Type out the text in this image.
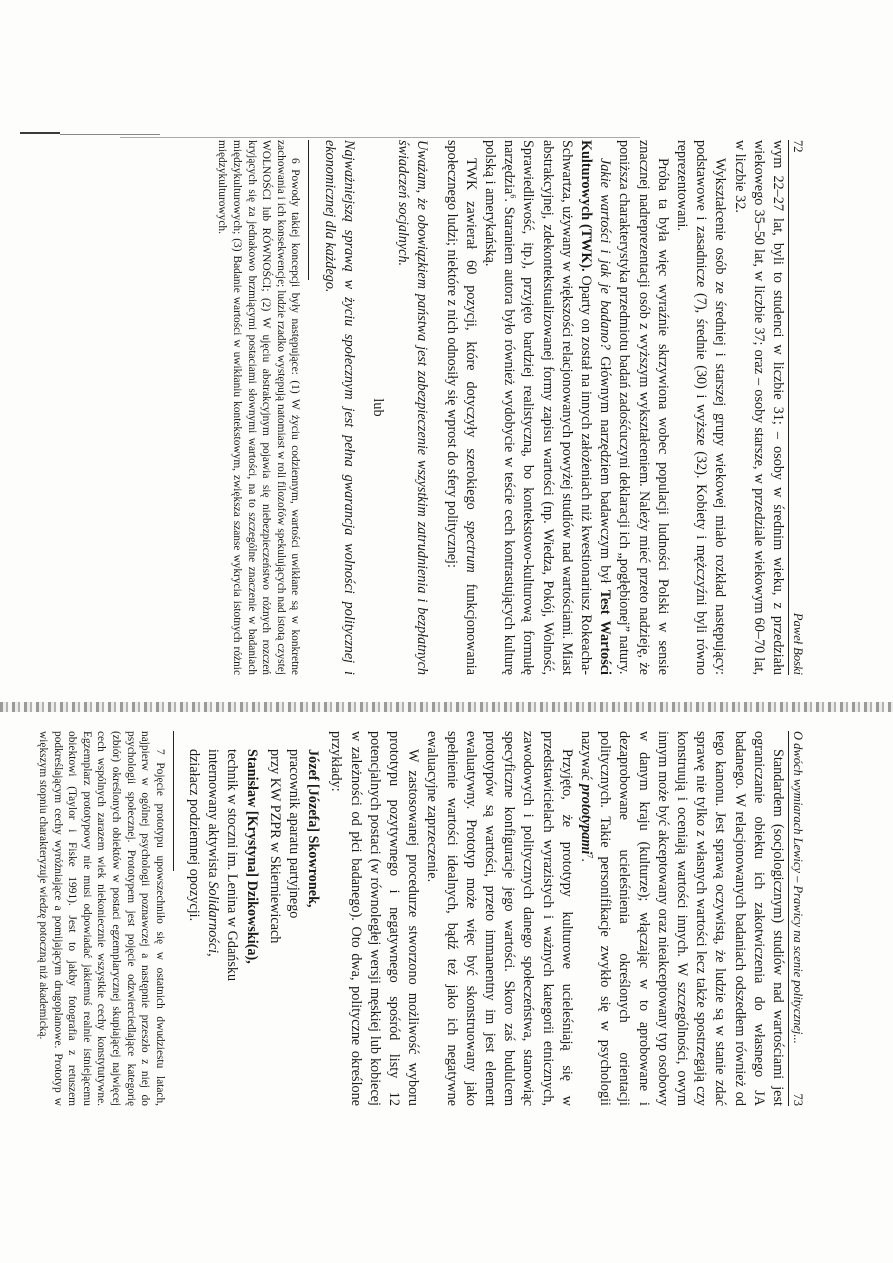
72
Paweł Boski

wym 22–27 lat, byli to studenci w liczbie 31; – osoby w średnim wieku, z przedziału wiekowego 35–50 lat, w liczbie 37; oraz – osoby starsze, w przedziale wiekowym 60–70 lat, w liczbie 32.

Wykształcenie osób ze średniej i starszej grupy wiekowej miało rozkład następujący: podstawowe i zasadnicze (7), średnie (30) i wyższe (32). Kobiety i mężczyźni byli równo reprezentowani.

Próba ta była więc wyraźnie skrzywiona wobec populacji ludności Polski w sensie znacznej nadreprezentacji osób z wyższym wykształceniem. Należy mieć przeto nadzieję, że poniższa charakterystyka przedmiotu badań zadośćuczyni deklaracji ich „pogłębionej” natury.

Jakie wartości i jak je badano? Głównym narzędziem badawczym był Test Wartości Kulturowych (TWK). Oparty on został na innych założeniach niż kwestionariusz Rokeacha-Schwartza, używany w większości relacjonowanych powyżej studiów nad wartościami. Miast abstrakcyjnej, zdekontekstualizowanej formy zapisu wartości (np. Wiedza, Pokój, Wolność, Sprawiedliwość, itp.), przyjęto bardziej realistyczną, bo kontekstowo-kulturową formułę narzędzia$^6$. Staraniem autora było również wydobycie w teście cech kontrastujących kulturę polską i amerykańską.

TWK zawierał 60 pozycji, które dotyczyły szerokiego spectrum funkcjonowania społecznego ludzi; niektóre z nich odnosiły się wprost do sfery politycznej:

Uważam, że obowiązkiem państwa jest zabezpieczenie wszystkim zatrudnienia i bezpłatnych świadczeń socjalnych.

lub

Najważniejszą sprawą w życiu społecznym jest pełna gwarancja wolności politycznej i ekonomicznej dla każdego.

6 Powody takiej koncepcji były następujące: (1) W życiu codziennym, wartości uwikłane są w konkretne zachowania i ich konsekwencje; ludzie rzadko występują natomiast w roli filozofów spekulujących nad istotą czystej WOLNOŚCI lub RÓWNOŚCI; (2) W ujęciu abstrakcyjnym pojawia się niebezpieczeństwo różnych rozczeń kryjących się za jednakowo brzmiącymi postaciami słownymi wartości, na to szczególne znaczenie w badaniach międzykulturowych; (3) Badanie wartości w uwikłaniu kontekstowym, zwiększa szanse wykrycia istotnych różnic międzykulturowych.

O dwóch wymiarach Lewicy – Prawicy na scenie politycznej...
73

Standardem (socjologicznym) studiów nad wartościami jest ograniczanie obiektu ich zakotwiczenia do własnego JA badanego. W relacjonowanych badaniach odszedłem również od tego kanonu. Jest sprawą oczywistą, że ludzie są w stanie zdać sprawę nie tylko z własnych wartości lecz także spostrzegają czy konstruują i oceniają wartości innych. W szczególności, owym innym może być akceptowany oraz nieakceptowany typ osobowy w danym kraju (kulturze); włączając w to aprobowane i dezaprobowane ucieleśnienia określonych orientacji politycznych. Takie personifikacje zwykło się w psychologii nazywać prototypami$^7$.

Przyjęto, że prototypy kulturowe ucieleśniają się w przedstawicielach wyrazistych i ważnych kategorii etnicznych, zawodowych i politycznych danego społeczeństwa, stanowiąc specyficzne konfiguracje jego wartości. Skoro zaś budulcem prototypów są wartości, przeto immanentny im jest element ewaluatywny. Prototyp może więc być skonstruowany jako spełnienie wartości idealnych, bądź też jako ich negatywne ewaluacyjne zaprzeczenie.

W zastosowanej procedurze stworzono możliwość wyboru prototypu pozytywnego i negatywnego spośród listy 12 potencjalnych postaci (w równoległej wersji męskiej lub kobiecej w zależności od płci badanego). Oto dwa, polityczne określone przykłady:

Józef [Józefa] Skowronek,

pracownik aparatu partyjnego

przy KW PZPR w Skierniewicach

Stanisław [Krystyna] Dzikowski(a),

technik w stoczni im. Lenina w Gdańsku

internowany aktywista Solidarności,

działacz podziemnej opozycji.

7 Pojęcie prototypu upowszechniło się w ostatnich dwudziestu latach, najpierw w ogólnej psychologii poznawczej a następnie przeszło z niej do psychologii społecznej. Prototypem jest pojęcie odzwierciedlające kategorię (zbiór) określonych obiektów w postaci egzemplarycznej skupiającej najwięcej cech wspólnych zarazem wiek niekoniecznie wszystkie cechy konstytutywne. Egzemplarz prototypowy nie musi odpowiadać jakiemuś realnie istniejącemu obiektowi (Taylor i Fiske 1991). Jest to jakby fotografia z retuszem podkreślającym cechy wyróżniające a pomijającym drugoplanowe. Prototyp w większym stopniu charakteryzuje wiedzę potoczną niż akademicką.
